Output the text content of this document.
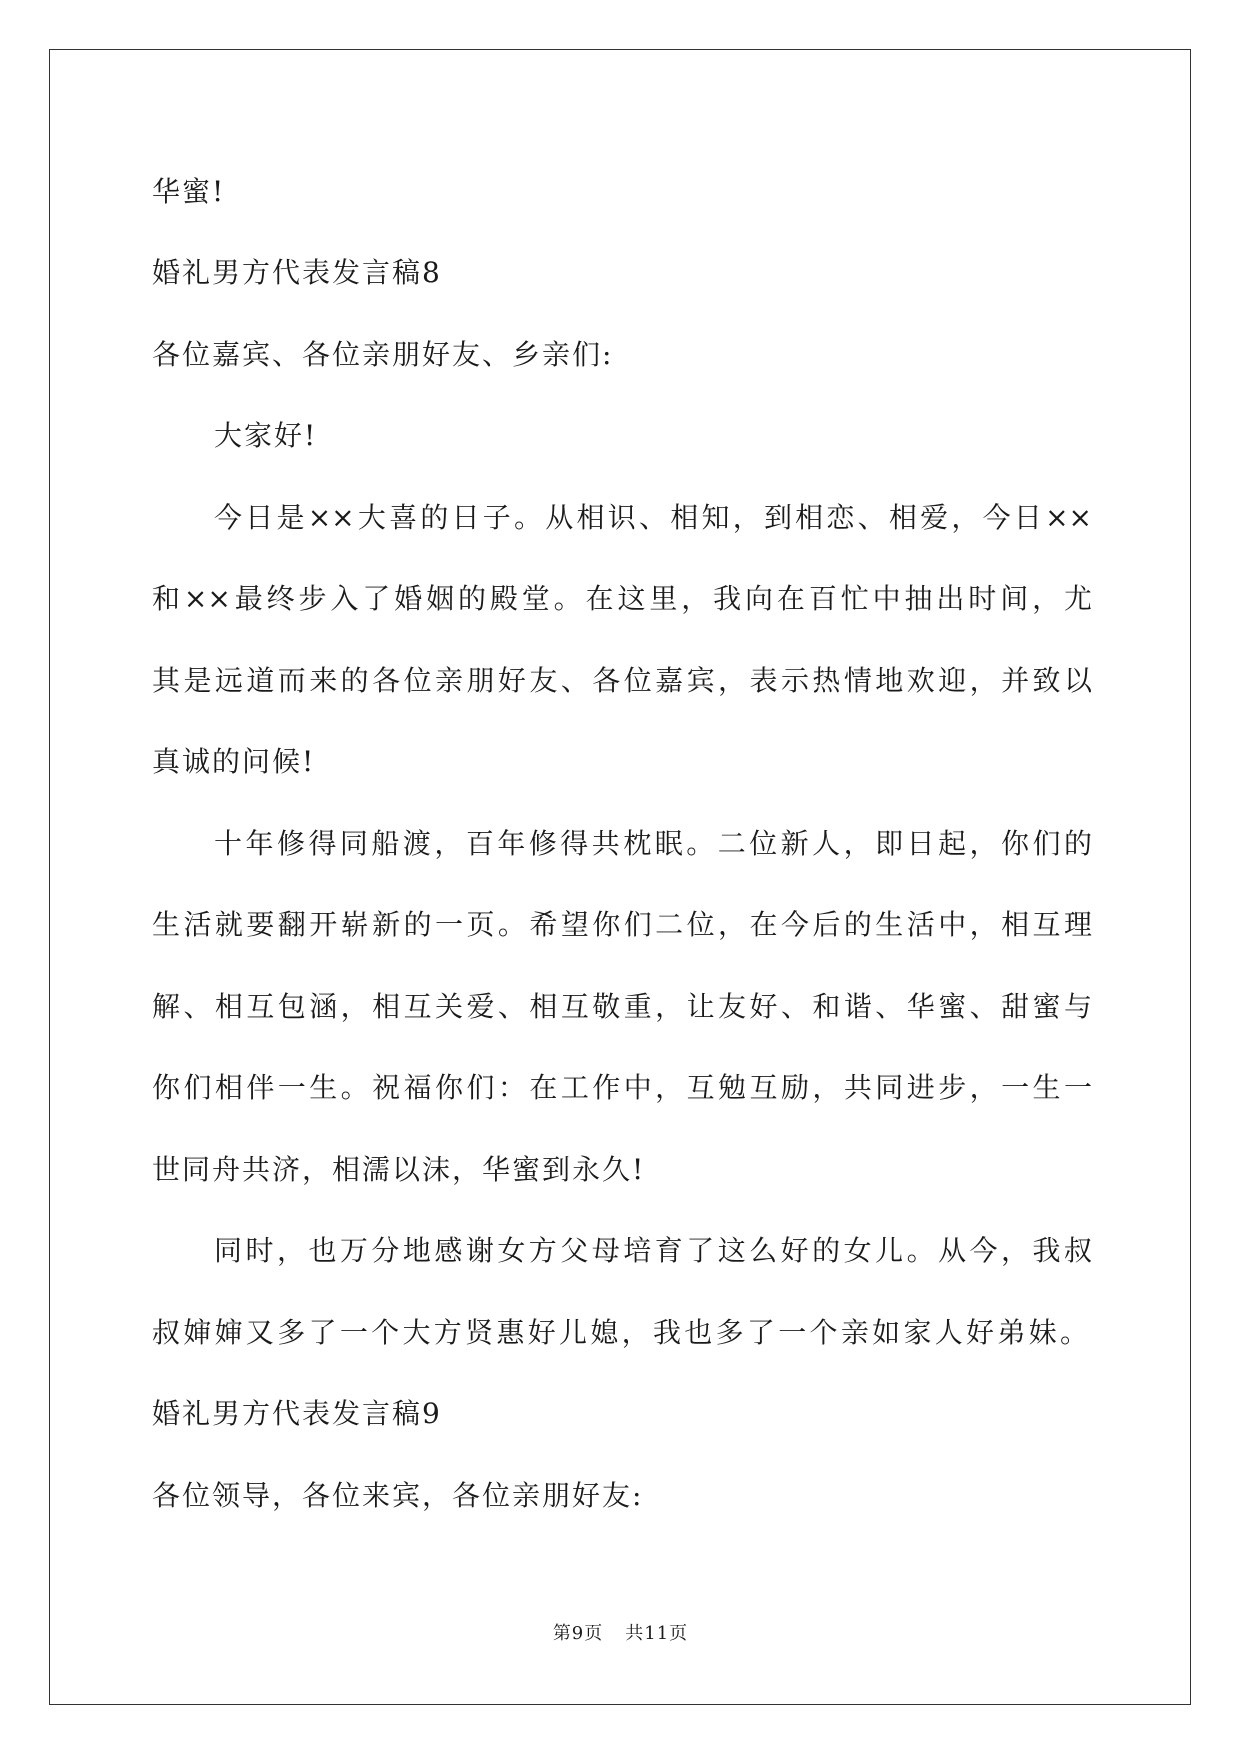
华蜜!
婚礼男方代表发言稿8
各位嘉宾、各位亲朋好友、乡亲们:
大家好!
今日是××大喜的日子。从相识、相知，到相恋、相爱，今日××
和××最终步入了婚姻的殿堂。在这里，我向在百忙中抽出时间，尤
其是远道而来的各位亲朋好友、各位嘉宾，表示热情地欢迎，并致以
真诚的问候!
十年修得同船渡，百年修得共枕眠。二位新人，即日起，你们的
生活就要翻开崭新的一页。希望你们二位，在今后的生活中，相互理
解、相互包涵，相互关爱、相互敬重，让友好、和谐、华蜜、甜蜜与
你们相伴一生。祝福你们：在工作中，互勉互励，共同进步，一生一
世同舟共济，相濡以沫，华蜜到永久!
同时，也万分地感谢女方父母培育了这么好的女儿。从今，我叔
叔婶婶又多了一个大方贤惠好儿媳，我也多了一个亲如家人好弟妹。
婚礼男方代表发言稿9
各位领导，各位来宾，各位亲朋好友:
第9页 共11页
